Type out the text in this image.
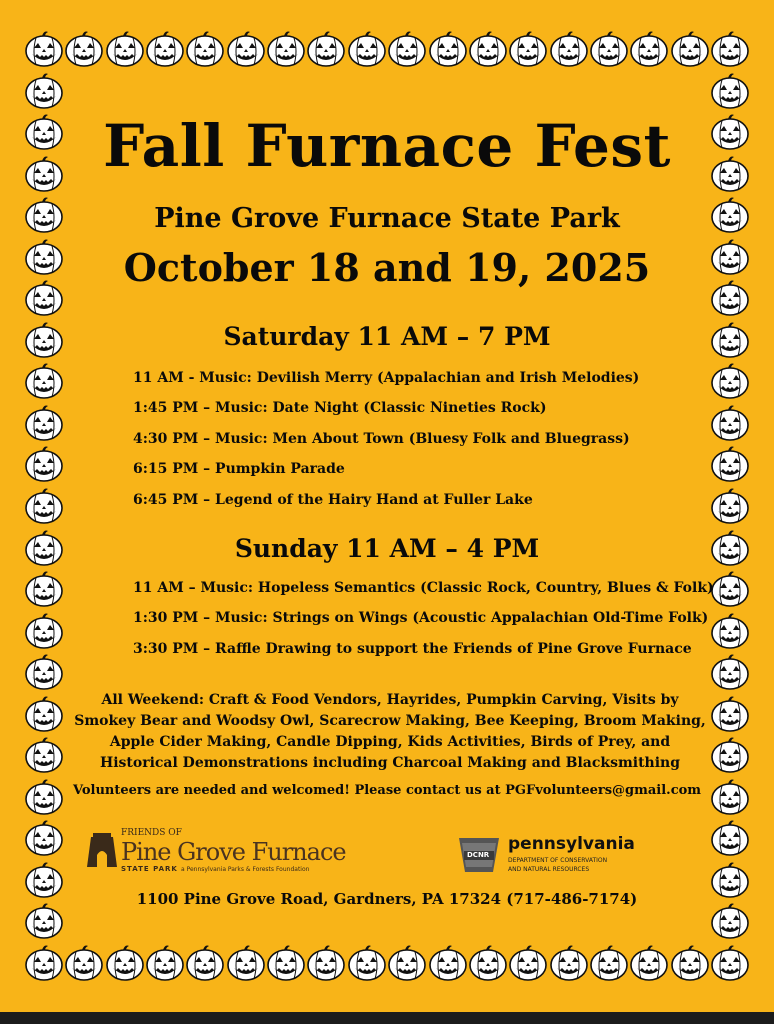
Fall Furnace Fest
Pine Grove Furnace State Park
October 18 and 19, 2025
Saturday 11 AM – 7 PM

11 AM - Music: Devilish Merry (Appalachian and Irish Melodies)

1:45 PM – Music: Date Night (Classic Nineties Rock)

4:30 PM – Music: Men About Town (Bluesy Folk and Bluegrass)

6:15 PM – Pumpkin Parade

6:45 PM – Legend of the Hairy Hand at Fuller Lake

Sunday 11 AM – 4 PM

11 AM – Music: Hopeless Semantics (Classic Rock, Country, Blues & Folk)

1:30 PM – Music: Strings on Wings (Acoustic Appalachian Old-Time Folk)

3:30 PM – Raffle Drawing to support the Friends of Pine Grove Furnace

All Weekend: Craft & Food Vendors, Hayrides, Pumpkin Carving, Visits by
Smokey Bear and Woodsy Owl, Scarecrow Making, Bee Keeping, Broom Making,
Apple Cider Making, Candle Dipping, Kids Activities, Birds of Prey, and
Historical Demonstrations including Charcoal Making and Blacksmithing
Volunteers are needed and welcomed! Please contact us at PGFvolunteers@gmail.com
FRIENDS OF
Pine Grove Furnace
STATE PARK a Pennsylvania Parks & Forests Foundation
DCNR
pennsylvania
DEPARTMENT OF CONSERVATION
AND NATURAL RESOURCES
1100 Pine Grove Road, Gardners, PA 17324 (717-486-7174)
